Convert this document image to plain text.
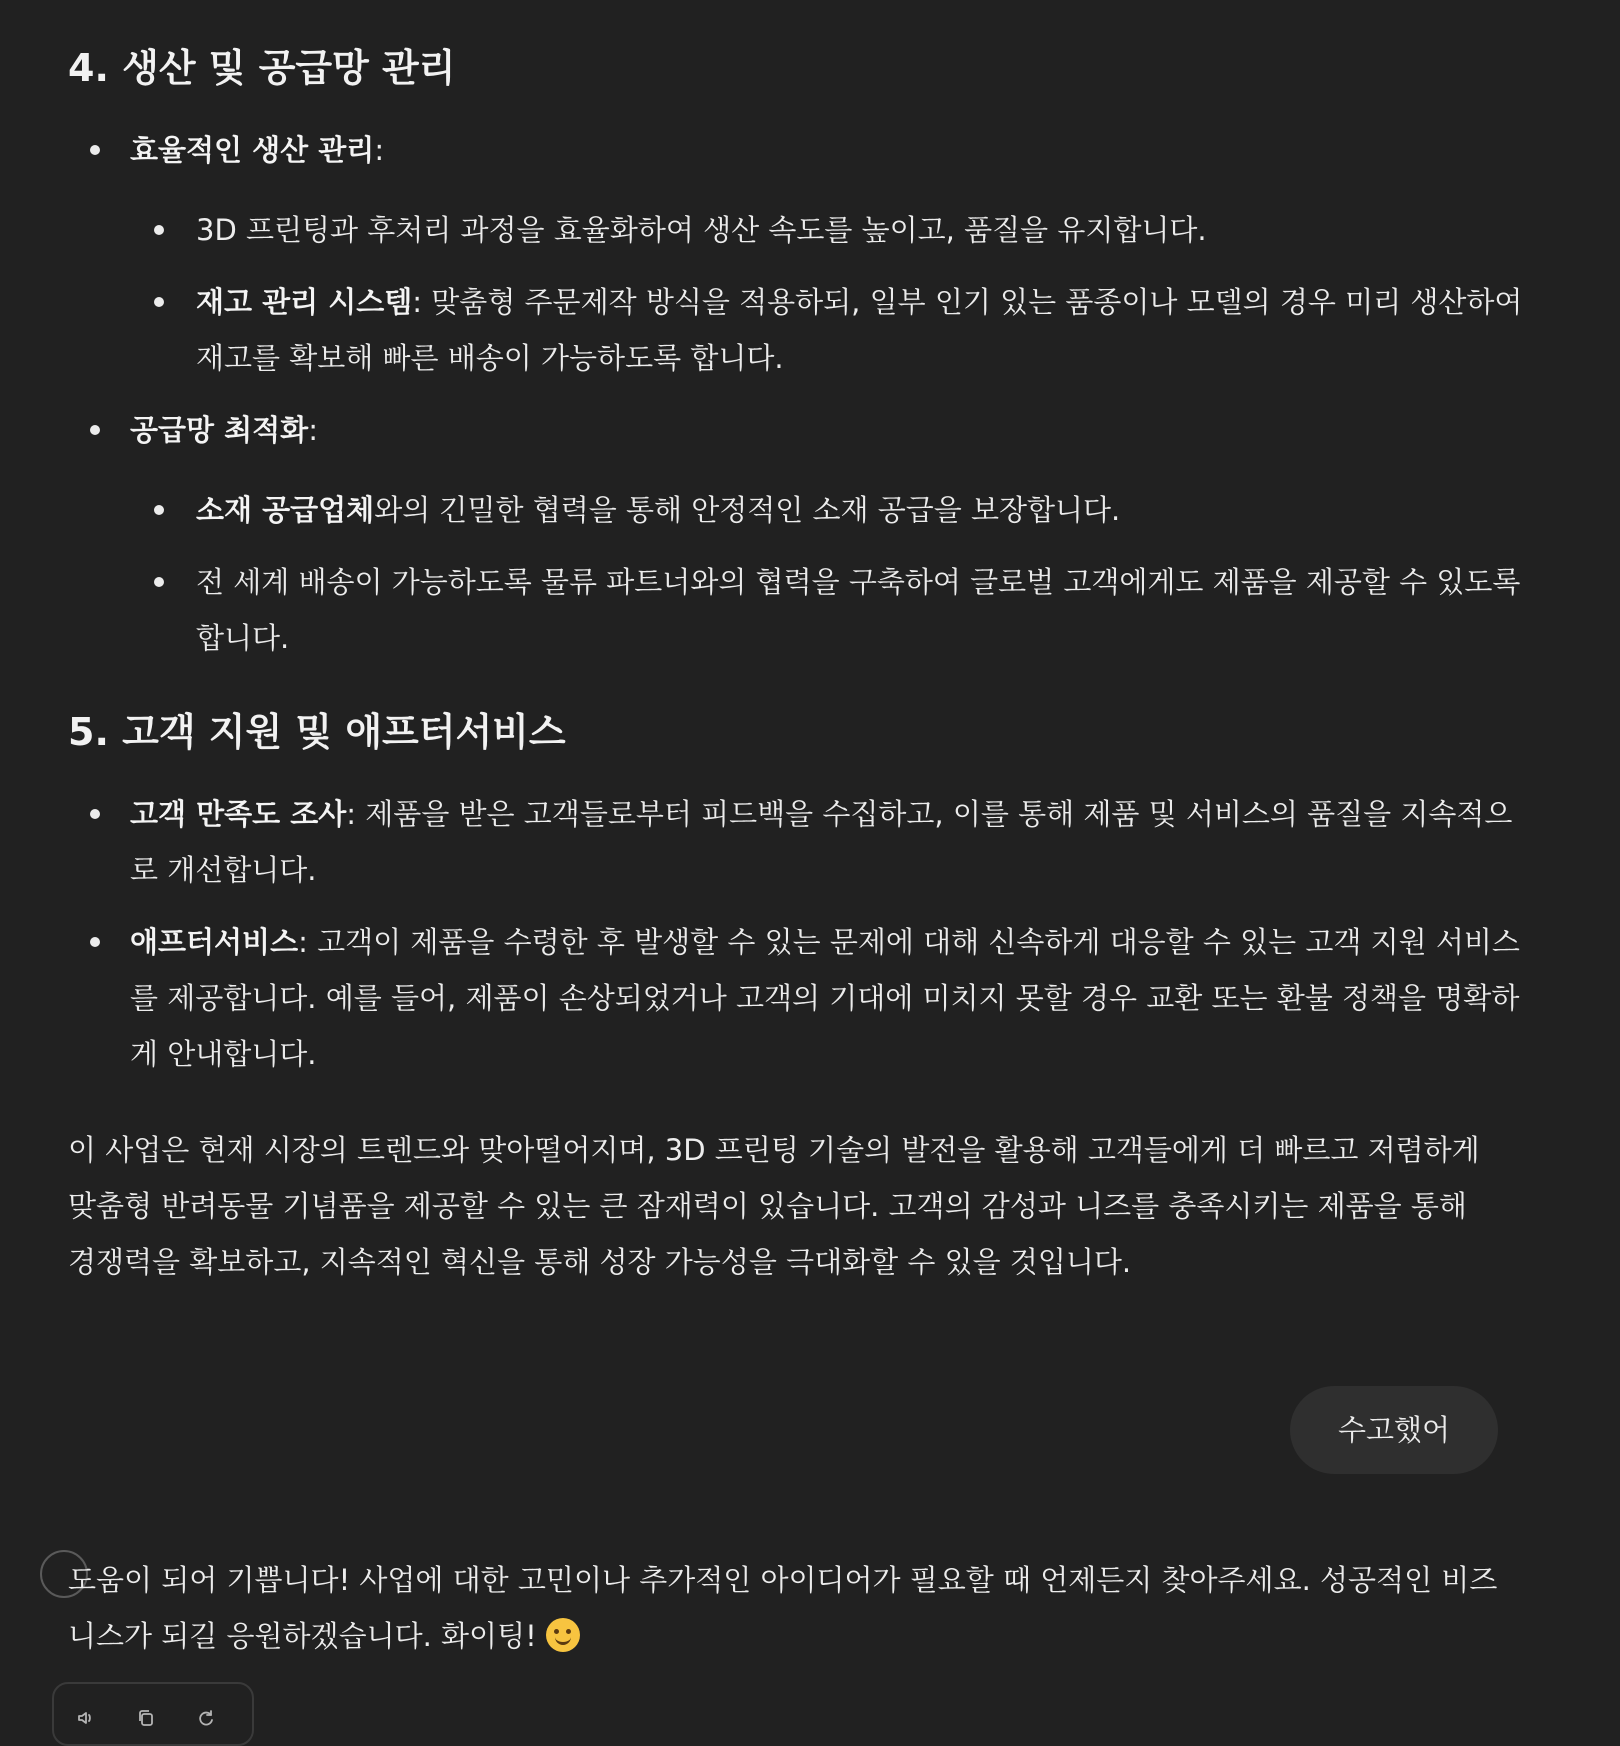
4. 생산 및 공급망 관리
효율적인 생산 관리:
3D 프린팅과 후처리 과정을 효율화하여 생산 속도를 높이고, 품질을 유지합니다.
재고 관리 시스템: 맞춤형 주문제작 방식을 적용하되, 일부 인기 있는 품종이나 모델의 경우 미리 생산하여 재고를 확보해 빠른 배송이 가능하도록 합니다.
공급망 최적화:
소재 공급업체와의 긴밀한 협력을 통해 안정적인 소재 공급을 보장합니다.
전 세계 배송이 가능하도록 물류 파트너와의 협력을 구축하여 글로벌 고객에게도 제품을 제공할 수 있도록 합니다.
5. 고객 지원 및 애프터서비스
고객 만족도 조사: 제품을 받은 고객들로부터 피드백을 수집하고, 이를 통해 제품 및 서비스의 품질을 지속적으로 개선합니다.
애프터서비스: 고객이 제품을 수령한 후 발생할 수 있는 문제에 대해 신속하게 대응할 수 있는 고객 지원 서비스를 제공합니다. 예를 들어, 제품이 손상되었거나 고객의 기대에 미치지 못할 경우 교환 또는 환불 정책을 명확하게 안내합니다.

이 사업은 현재 시장의 트렌드와 맞아떨어지며, 3D 프린팅 기술의 발전을 활용해 고객들에게 더 빠르고 저렴하게 맞춤형 반려동물 기념품을 제공할 수 있는 큰 잠재력이 있습니다. 고객의 감성과 니즈를 충족시키는 제품을 통해 경쟁력을 확보하고, 지속적인 혁신을 통해 성장 가능성을 극대화할 수 있을 것입니다.

도움이 되어 기쁩니다! 사업에 대한 고민이나 추가적인 아이디어가 필요할 때 언제든지 찾아주세요. 성공적인 비즈니스가 되길 응원하겠습니다. 화이팅!

수고했어
